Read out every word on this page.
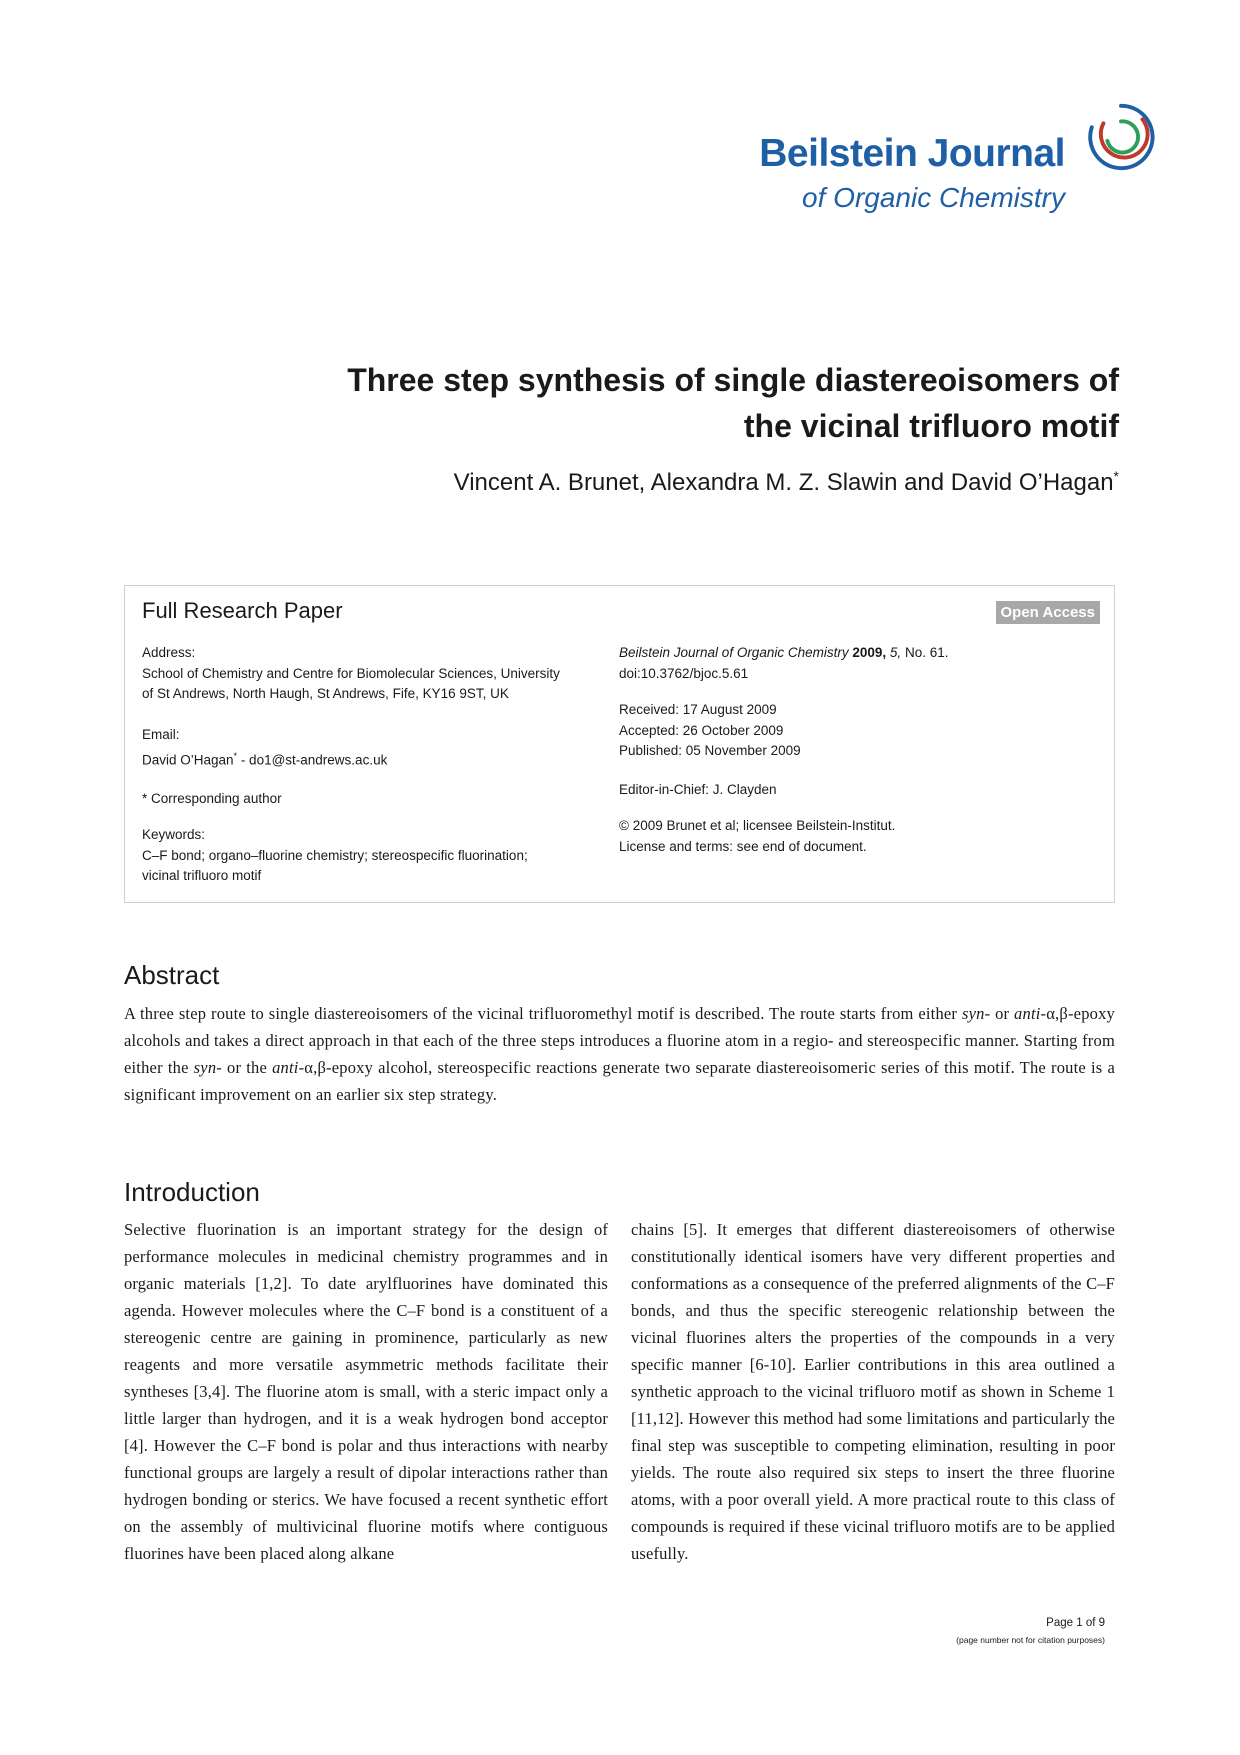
Beilstein Journal
of Organic Chemistry
Three step synthesis of single diastereoisomers of
the vicinal trifluoro motif
Vincent A. Brunet, Alexandra M. Z. Slawin and David O’Hagan*
Full Research Paper	Open Access

Address:

School of Chemistry and Centre for Biomolecular Sciences, University

of St Andrews, North Haugh, St Andrews, Fife, KY16 9ST, UK

Email:

David O’Hagan* - do1@st-andrews.ac.uk

* Corresponding author

Keywords:

C–F bond; organo–fluorine chemistry; stereospecific fluorination;

vicinal trifluoro motif

Beilstein Journal of Organic Chemistry 2009, 5, No. 61.

doi:10.3762/bjoc.5.61

Received: 17 August 2009

Accepted: 26 October 2009

Published: 05 November 2009

Editor-in-Chief: J. Clayden

© 2009 Brunet et al; licensee Beilstein-Institut.

License and terms: see end of document.

Abstract
A three step route to single diastereoisomers of the vicinal trifluoromethyl motif is described. The route starts from either syn- or anti-α,β-epoxy alcohols and takes a direct approach in that each of the three steps introduces a fluorine atom in a regio- and stereospecific manner. Starting from either the syn- or the anti-α,β-epoxy alcohol, stereospecific reactions generate two separate diastereoisomeric series of this motif. The route is a significant improvement on an earlier six step strategy.
Introduction
Selective fluorination is an important strategy for the design of performance molecules in medicinal chemistry programmes and in organic materials [1,2]. To date arylfluorines have dominated this agenda. However molecules where the C–F bond is a constituent of a stereogenic centre are gaining in prominence, particularly as new reagents and more versatile asymmetric methods facilitate their syntheses [3,4]. The fluorine atom is small, with a steric impact only a little larger than hydrogen, and it is a weak hydrogen bond acceptor [4]. However the C–F bond is polar and thus interactions with nearby functional groups are largely a result of dipolar interactions rather than hydrogen bonding or sterics. We have focused a recent synthetic effort on the assembly of multivicinal fluorine motifs where contiguous fluorines have been placed along alkane
chains [5]. It emerges that different diastereoisomers of otherwise constitutionally identical isomers have very different properties and conformations as a consequence of the preferred alignments of the C–F bonds, and thus the specific stereogenic relationship between the vicinal fluorines alters the properties of the compounds in a very specific manner [6-10]. Earlier contributions in this area outlined a synthetic approach to the vicinal trifluoro motif as shown in Scheme 1 [11,12]. However this method had some limitations and particularly the final step was susceptible to competing elimination, resulting in poor yields. The route also required six steps to insert the three fluorine atoms, with a poor overall yield. A more practical route to this class of compounds is required if these vicinal trifluoro motifs are to be applied usefully.
Page 1 of 9
(page number not for citation purposes)
